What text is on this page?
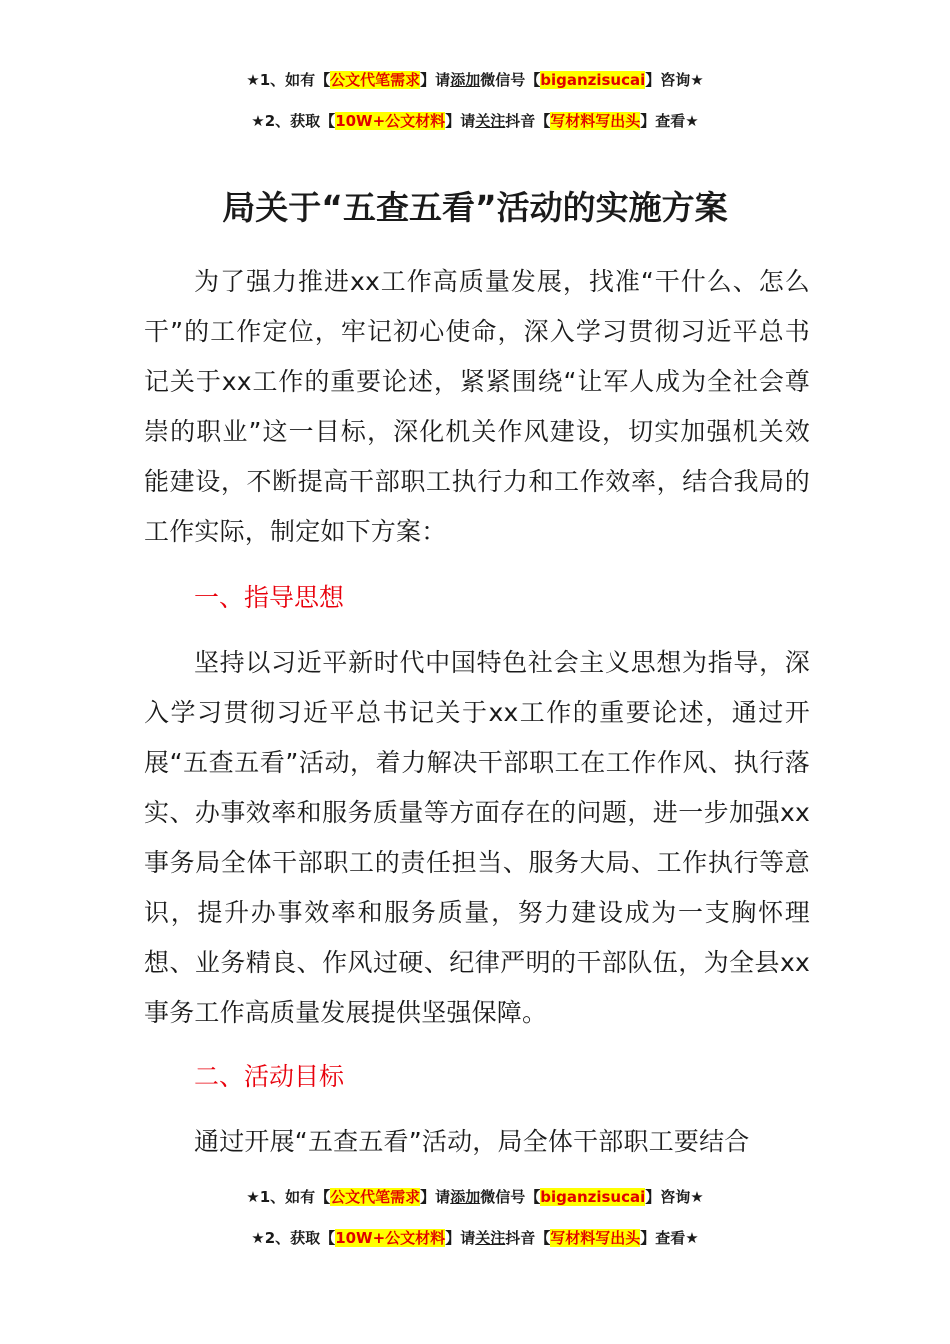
★1、如有【公文代笔需求】请添加微信号【biganzisucai】咨询★
★2、获取【10W+公文材料】请关注抖音【写材料写出头】查看★
局关于“五查五看”活动的实施方案
为了强力推进xx工作高质量发展，找准“干什么、怎么干”的工作定位，牢记初心使命，深入学习贯彻习近平总书记关于xx工作的重要论述，紧紧围绕“让军人成为全社会尊崇的职业”这一目标，深化机关作风建设，切实加强机关效能建设，不断提高干部职工执行力和工作效率，结合我局的工作实际，制定如下方案：
一、指导思想
坚持以习近平新时代中国特色社会主义思想为指导，深入学习贯彻习近平总书记关于xx工作的重要论述，通过开展“五查五看”活动，着力解决干部职工在工作作风、执行落实、办事效率和服务质量等方面存在的问题，进一步加强xx事务局全体干部职工的责任担当、服务大局、工作执行等意识，提升办事效率和服务质量，努力建设成为一支胸怀理想、业务精良、作风过硬、纪律严明的干部队伍，为全县xx事务工作高质量发展提供坚强保障。
二、活动目标
通过开展“五查五看”活动，局全体干部职工要结合
★1、如有【公文代笔需求】请添加微信号【biganzisucai】咨询★
★2、获取【10W+公文材料】请关注抖音【写材料写出头】查看★
